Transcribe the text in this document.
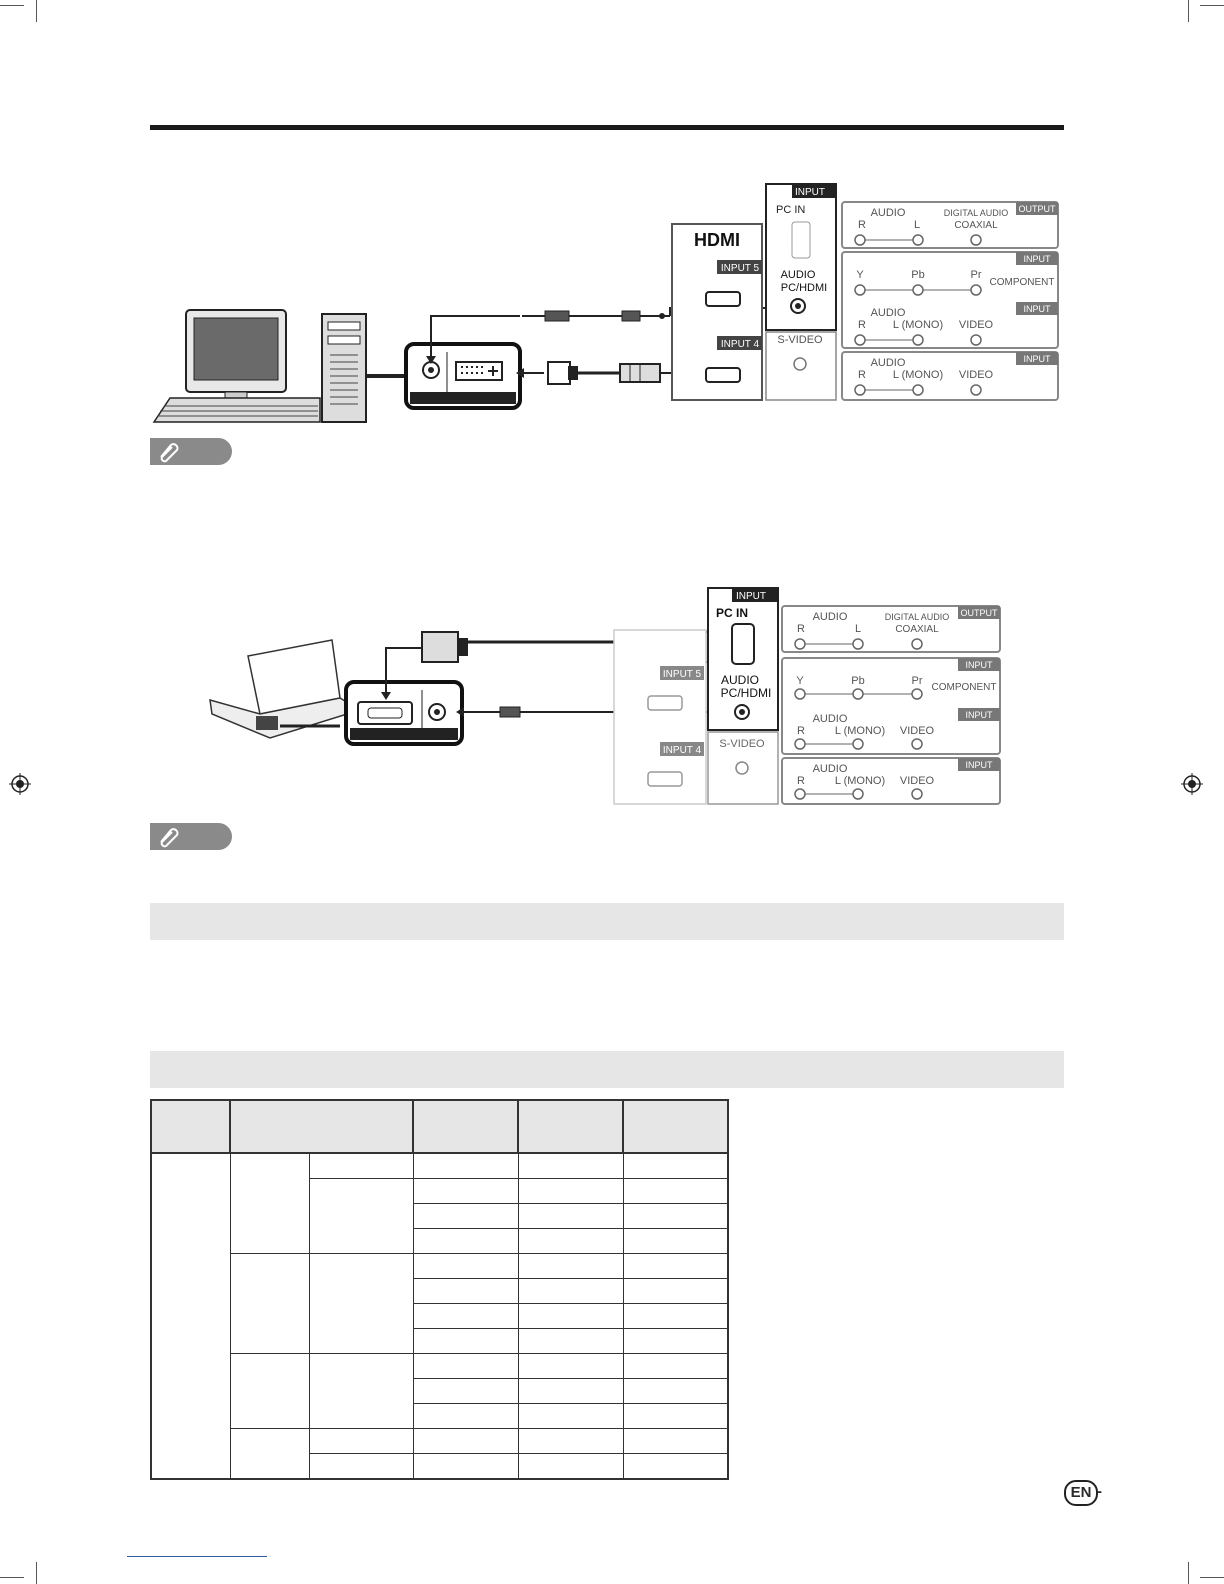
HDMI
INPUT 5
INPUT 4
INPUT
PC IN
AUDIO
PC/HDMI
S-VIDEO
OUTPUT
AUDIO
R	L
DIGITAL AUDIO
COAXIAL
INPUT
Y	Pb	Pr
COMPONENT
INPUT
AUDIO
R L (MONO) VIDEO
INPUT
AUDIO
R L (MONO) VIDEO
INPUT 5
INPUT 4
INPUT
PC IN
AUDIO
PC/HDMI
S-VIDEO
OUTPUT
AUDIO
R	L
DIGITAL AUDIO
COAXIAL
INPUT
Y	Pb	Pr
COMPONENT
INPUT
AUDIO
R	L (MONO) VIDEO
INPUT
AUDIO
R	L (MONO) VIDEO

EN -
